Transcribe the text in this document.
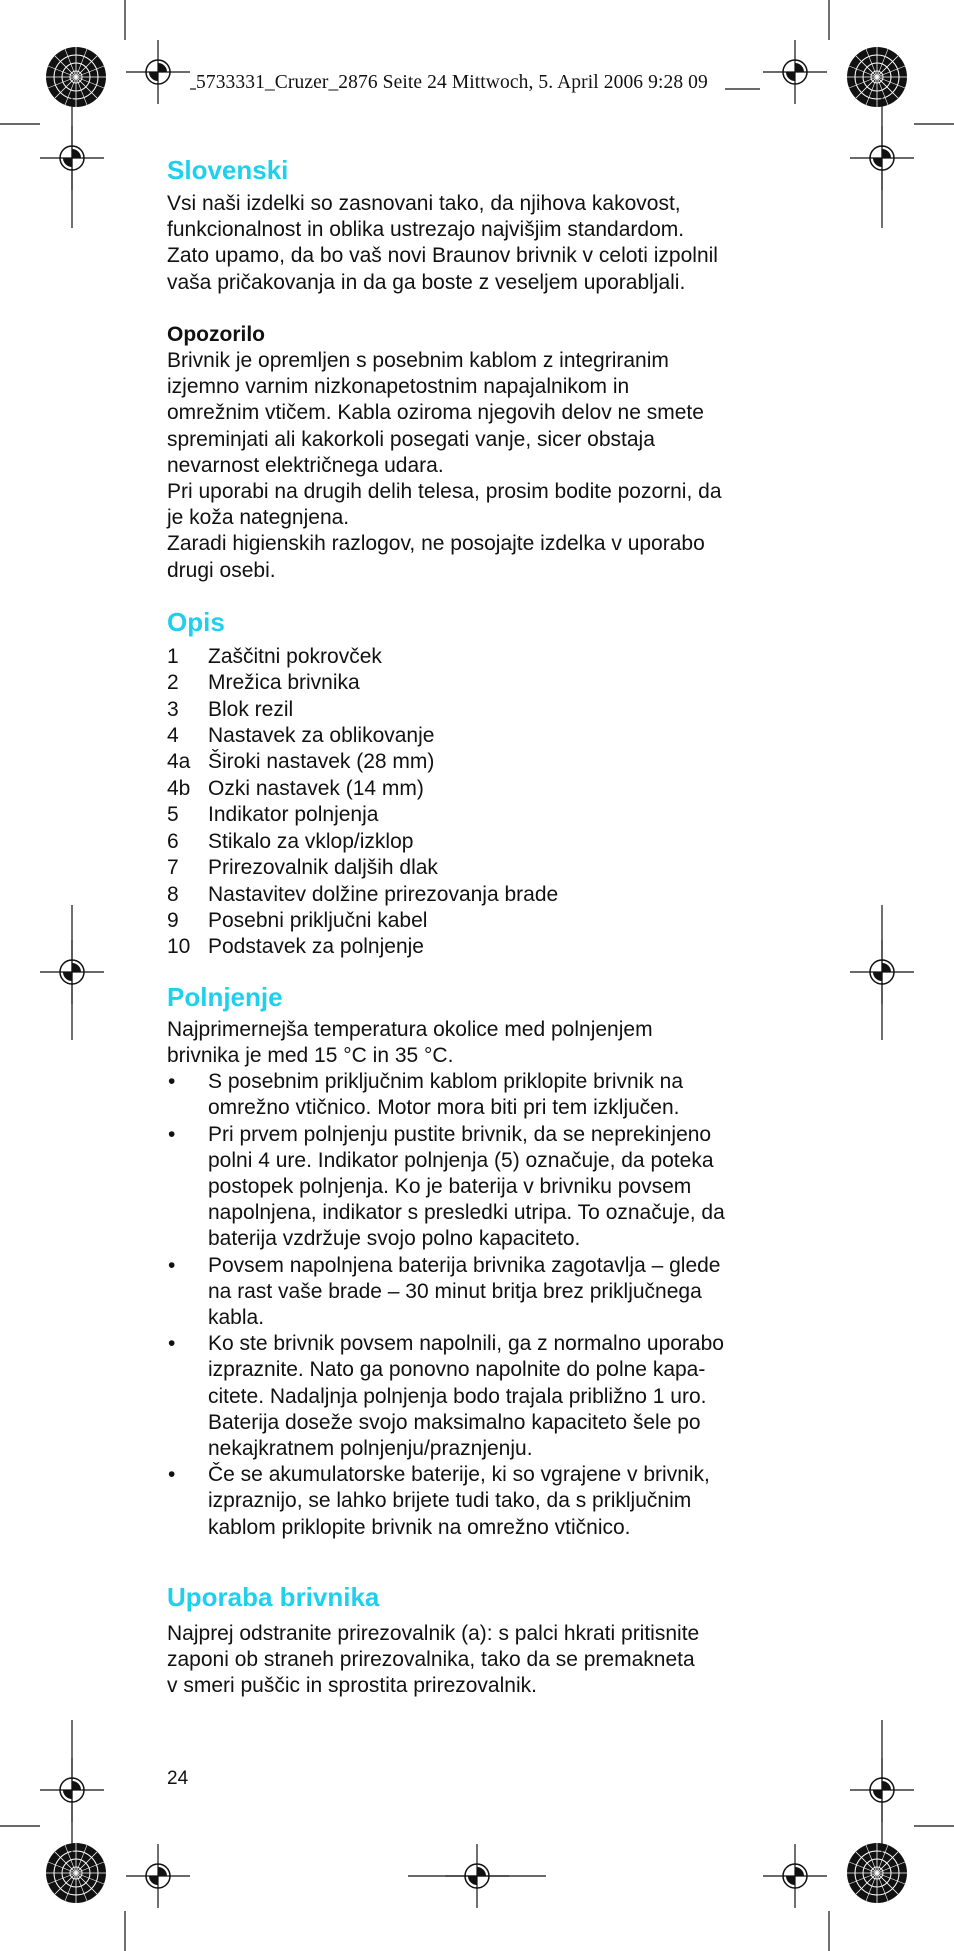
5733331_Cruzer_2876 Seite 24 Mittwoch, 5. April 2006 9:28 09
Slovenski
Vsi naši izdelki so zasnovani tako, da njihova kakovost,
funkcionalnost in oblika ustrezajo najvišjim standardom.
Zato upamo, da bo vaš novi Braunov brivnik v celoti izpolnil
vaša pričakovanja in da ga boste z veseljem uporabljali.
Opozorilo
Brivnik je opremljen s posebnim kablom z integriranim
izjemno varnim nizkonapetostnim napajalnikom in
omrežnim vtičem. Kabla oziroma njegovih delov ne smete
spreminjati ali kakorkoli posegati vanje, sicer obstaja
nevarnost električnega udara.
Pri uporabi na drugih delih telesa, prosim bodite pozorni, da
je koža nategnjena.
Zaradi higienskih razlogov, ne posojajte izdelka v uporabo
drugi osebi.
Opis
1 Zaščitni pokrovček
2 Mrežica brivnika
3 Blok rezil
4 Nastavek za oblikovanje
4a Široki nastavek (28 mm)
4b Ozki nastavek (14 mm)
5 Indikator polnjenja
6 Stikalo za vklop/izklop
7 Prirezovalnik daljših dlak
8 Nastavitev dolžine prirezovanja brade
9 Posebni priključni kabel
10 Podstavek za polnjenje
Polnjenje
Najprimernejša temperatura okolice med polnjenjem
brivnika je med 15 °C in 35 °C.
• S posebnim priključnim kablom priklopite brivnik na
omrežno vtičnico. Motor mora biti pri tem izključen.
• Pri prvem polnjenju pustite brivnik, da se neprekinjeno
polni 4 ure. Indikator polnjenja (5) označuje, da poteka
postopek polnjenja. Ko je baterija v brivniku povsem
napolnjena, indikator s presledki utripa. To označuje, da
baterija vzdržuje svojo polno kapaciteto.
• Povsem napolnjena baterija brivnika zagotavlja – glede
na rast vaše brade – 30 minut britja brez priključnega
kabla.
• Ko ste brivnik povsem napolnili, ga z normalno uporabo
izpraznite. Nato ga ponovno napolnite do polne kapa-
citete. Nadaljnja polnjenja bodo trajala približno 1 uro.
Baterija doseže svojo maksimalno kapaciteto šele po
nekajkratnem polnjenju/praznjenju.
• Če se akumulatorske baterije, ki so vgrajene v brivnik,
izpraznijo, se lahko brijete tudi tako, da s priključnim
kablom priklopite brivnik na omrežno vtičnico.
Uporaba brivnika
Najprej odstranite prirezovalnik (a): s palci hkrati pritisnite
zaponi ob straneh prirezovalnika, tako da se premakneta
v smeri puščic in sprostita prirezovalnik.
24
